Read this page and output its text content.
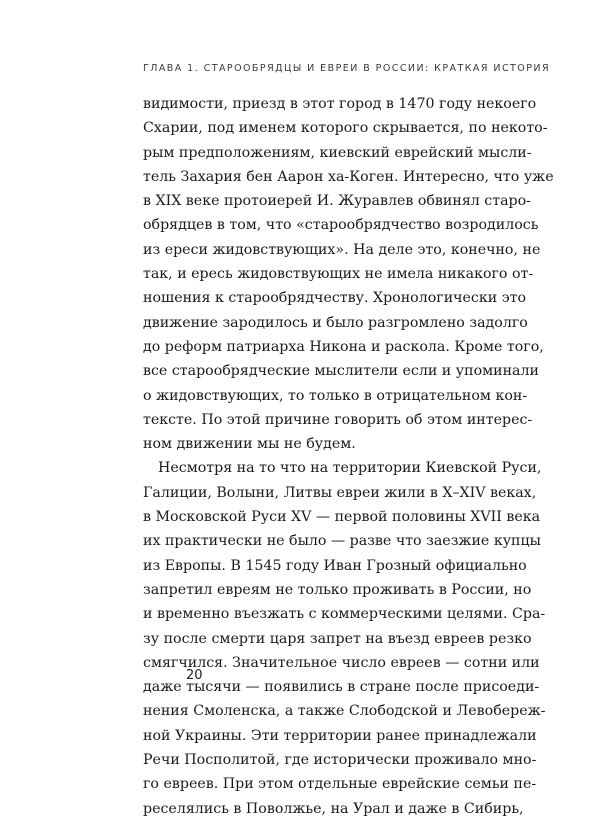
ГЛАВА 1. СТАРООБРЯДЦЫ И ЕВРЕИ В РОССИИ: КРАТКАЯ ИСТОРИЯ
видимости, приезд в этот город в 1470 году некоего
Схарии, под именем которого скрывается, по некото-
рым предположениям, киевский еврейский мысли-
тель Захария бен Аарон ха-Коген. Интересно, что уже
в XIX веке протоиерей И. Журавлев обвинял старо-
обрядцев в том, что «старообрядчество возродилось
из ереси жидовствующих». На деле это, конечно, не
так, и ересь жидовствующих не имела никакого от-
ношения к старообрядчеству. Хронологически это
движение зародилось и было разгромлено задолго
до реформ патриарха Никона и раскола. Кроме того,
все старообрядческие мыслители если и упоминали
о жидовствующих, то только в отрицательном кон-
тексте. По этой причине говорить об этом интерес-
ном движении мы не будем.
Несмотря на то что на территории Киевской Руси,
Галиции, Волыни, Литвы евреи жили в X–XIV веках,
в Московской Руси XV — первой половины XVII века
их практически не было — разве что заезжие купцы
из Европы. В 1545 году Иван Грозный официально
запретил евреям не только проживать в России, но
и временно въезжать с коммерческими целями. Сра-
зу после смерти царя запрет на въезд евреев резко
смягчился. Значительное число евреев — сотни или
даже тысячи — появились в стране после присоеди-
нения Смоленска, а также Слободской и Левобереж-
ной Украины. Эти территории ранее принадлежали
Речи Посполитой, где исторически проживало мно-
го евреев. При этом отдельные еврейские семьи пе-
реселялись в Поволжье, на Урал и даже в Сибирь,
20
